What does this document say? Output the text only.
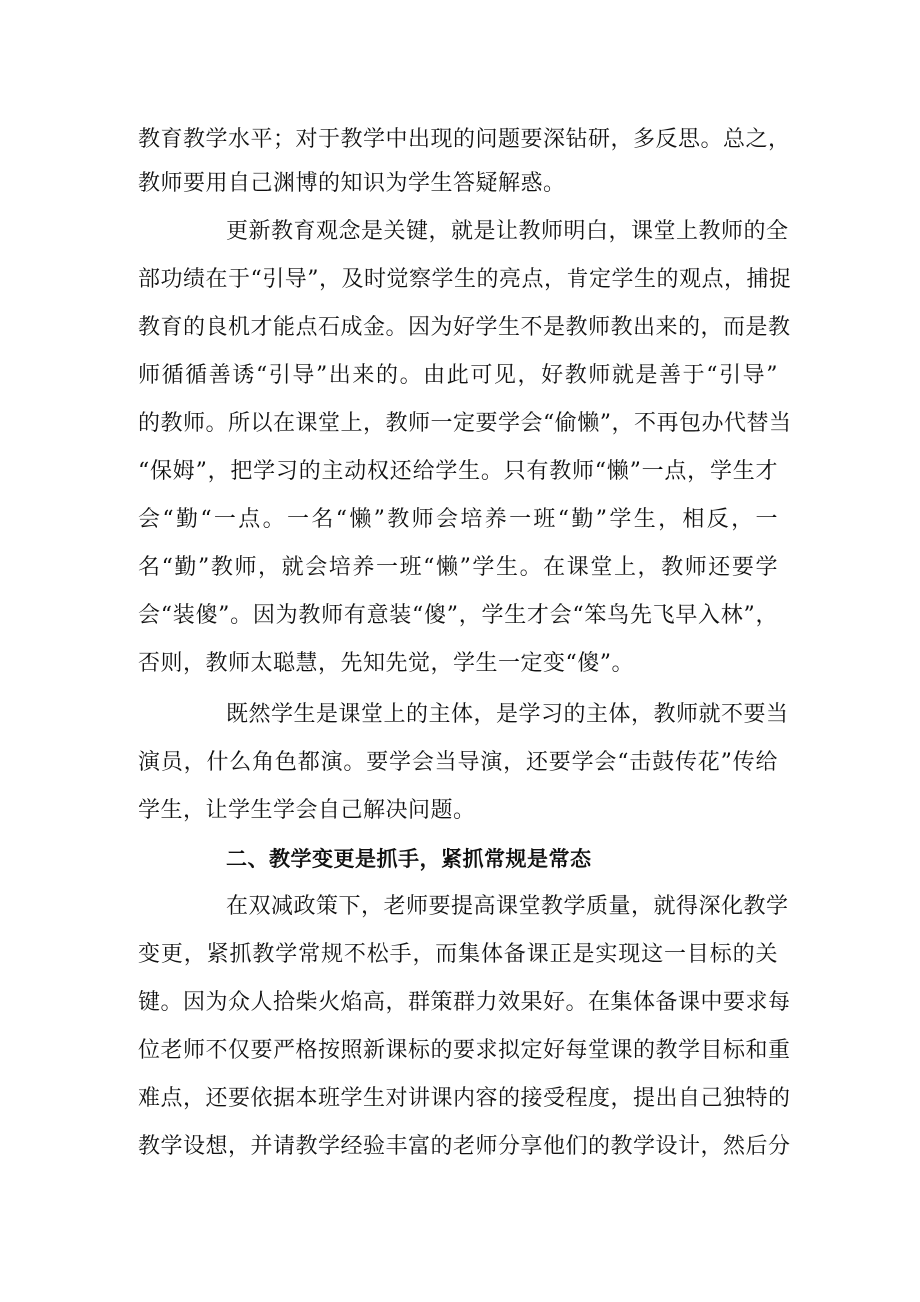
教育教学水平；对于教学中出现的问题要深钻研，多反思。总之，
教师要用自己渊博的知识为学生答疑解惑。
更新教育观念是关键，就是让教师明白，课堂上教师的全
部功绩在于“引导”，及时觉察学生的亮点，肯定学生的观点，捕捉
教育的良机才能点石成金。因为好学生不是教师教出来的，而是教
师循循善诱“引导”出来的。由此可见，好教师就是善于“引导”
的教师。所以在课堂上，教师一定要学会“偷懒”，不再包办代替当
“保姆”，把学习的主动权还给学生。只有教师“懒”一点，学生才
会“勤“一点。一名“懒”教师会培养一班“勤”学生，相反，一
名“勤”教师，就会培养一班“懒”学生。在课堂上，教师还要学
会“装傻”。因为教师有意装“傻”，学生才会“笨鸟先飞早入林”，
否则，教师太聪慧，先知先觉，学生一定变“傻”。
既然学生是课堂上的主体，是学习的主体，教师就不要当
演员，什么角色都演。要学会当导演，还要学会“击鼓传花”传给
学生，让学生学会自己解决问题。
二、教学变更是抓手，紧抓常规是常态
在双减政策下，老师要提高课堂教学质量，就得深化教学
变更，紧抓教学常规不松手，而集体备课正是实现这一目标的关
键。因为众人拾柴火焰高，群策群力效果好。在集体备课中要求每
位老师不仅要严格按照新课标的要求拟定好每堂课的教学目标和重
难点，还要依据本班学生对讲课内容的接受程度，提出自己独特的
教学设想，并请教学经验丰富的老师分享他们的教学设计，然后分
